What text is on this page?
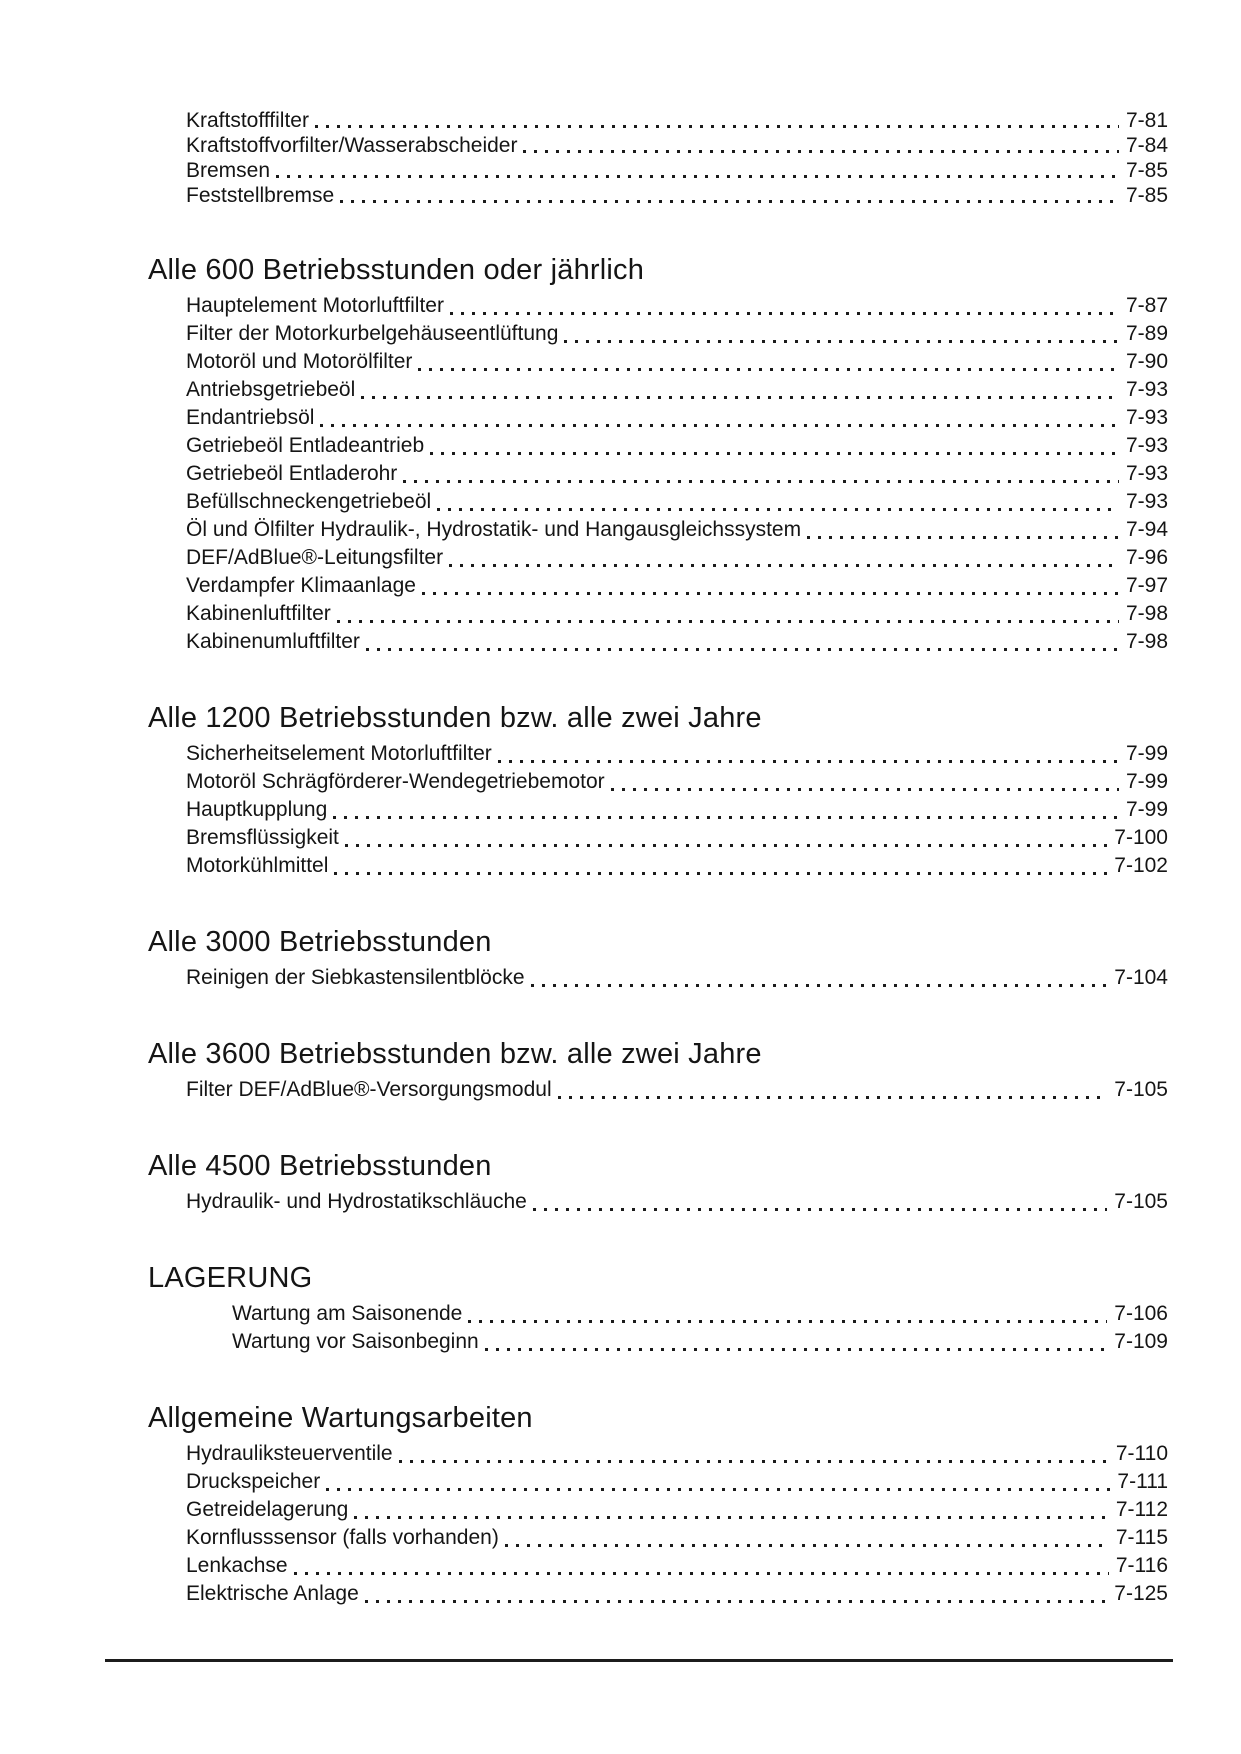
Kraftstofffilter	7-81
Kraftstoffvorfilter/Wasserabscheider	7-84
Bremsen	7-85
Feststellbremse	7-85
Alle 600 Betriebsstunden oder jährlich
Hauptelement Motorluftfilter	7-87
Filter der Motorkurbelgehäuseentlüftung	7-89
Motoröl und Motorölfilter	7-90
Antriebsgetriebeöl	7-93
Endantriebsöl	7-93
Getriebeöl Entladeantrieb	7-93
Getriebeöl Entladerohr	7-93
Befüllschneckengetriebeöl	7-93
Öl und Ölfilter Hydraulik-, Hydrostatik- und Hangausgleichssystem	7-94
DEF/AdBlue®-Leitungsfilter	7-96
Verdampfer Klimaanlage	7-97
Kabinenluftfilter	7-98
Kabinenumluftfilter	7-98
Alle 1200 Betriebsstunden bzw. alle zwei Jahre
Sicherheitselement Motorluftfilter	7-99
Motoröl Schrägförderer-Wendegetriebemotor	7-99
Hauptkupplung	7-99
Bremsflüssigkeit	7-100
Motorkühlmittel	7-102
Alle 3000 Betriebsstunden
Reinigen der Siebkastensilentblöcke	7-104
Alle 3600 Betriebsstunden bzw. alle zwei Jahre
Filter DEF/AdBlue®-Versorgungsmodul	7-105
Alle 4500 Betriebsstunden
Hydraulik- und Hydrostatikschläuche	7-105
LAGERUNG
Wartung am Saisonende	7-106
Wartung vor Saisonbeginn	7-109
Allgemeine Wartungsarbeiten
Hydrauliksteuerventile	7-110
Druckspeicher	7-111
Getreidelagerung	7-112
Kornflusssensor (falls vorhanden)	7-115
Lenkachse	7-116
Elektrische Anlage	7-125
